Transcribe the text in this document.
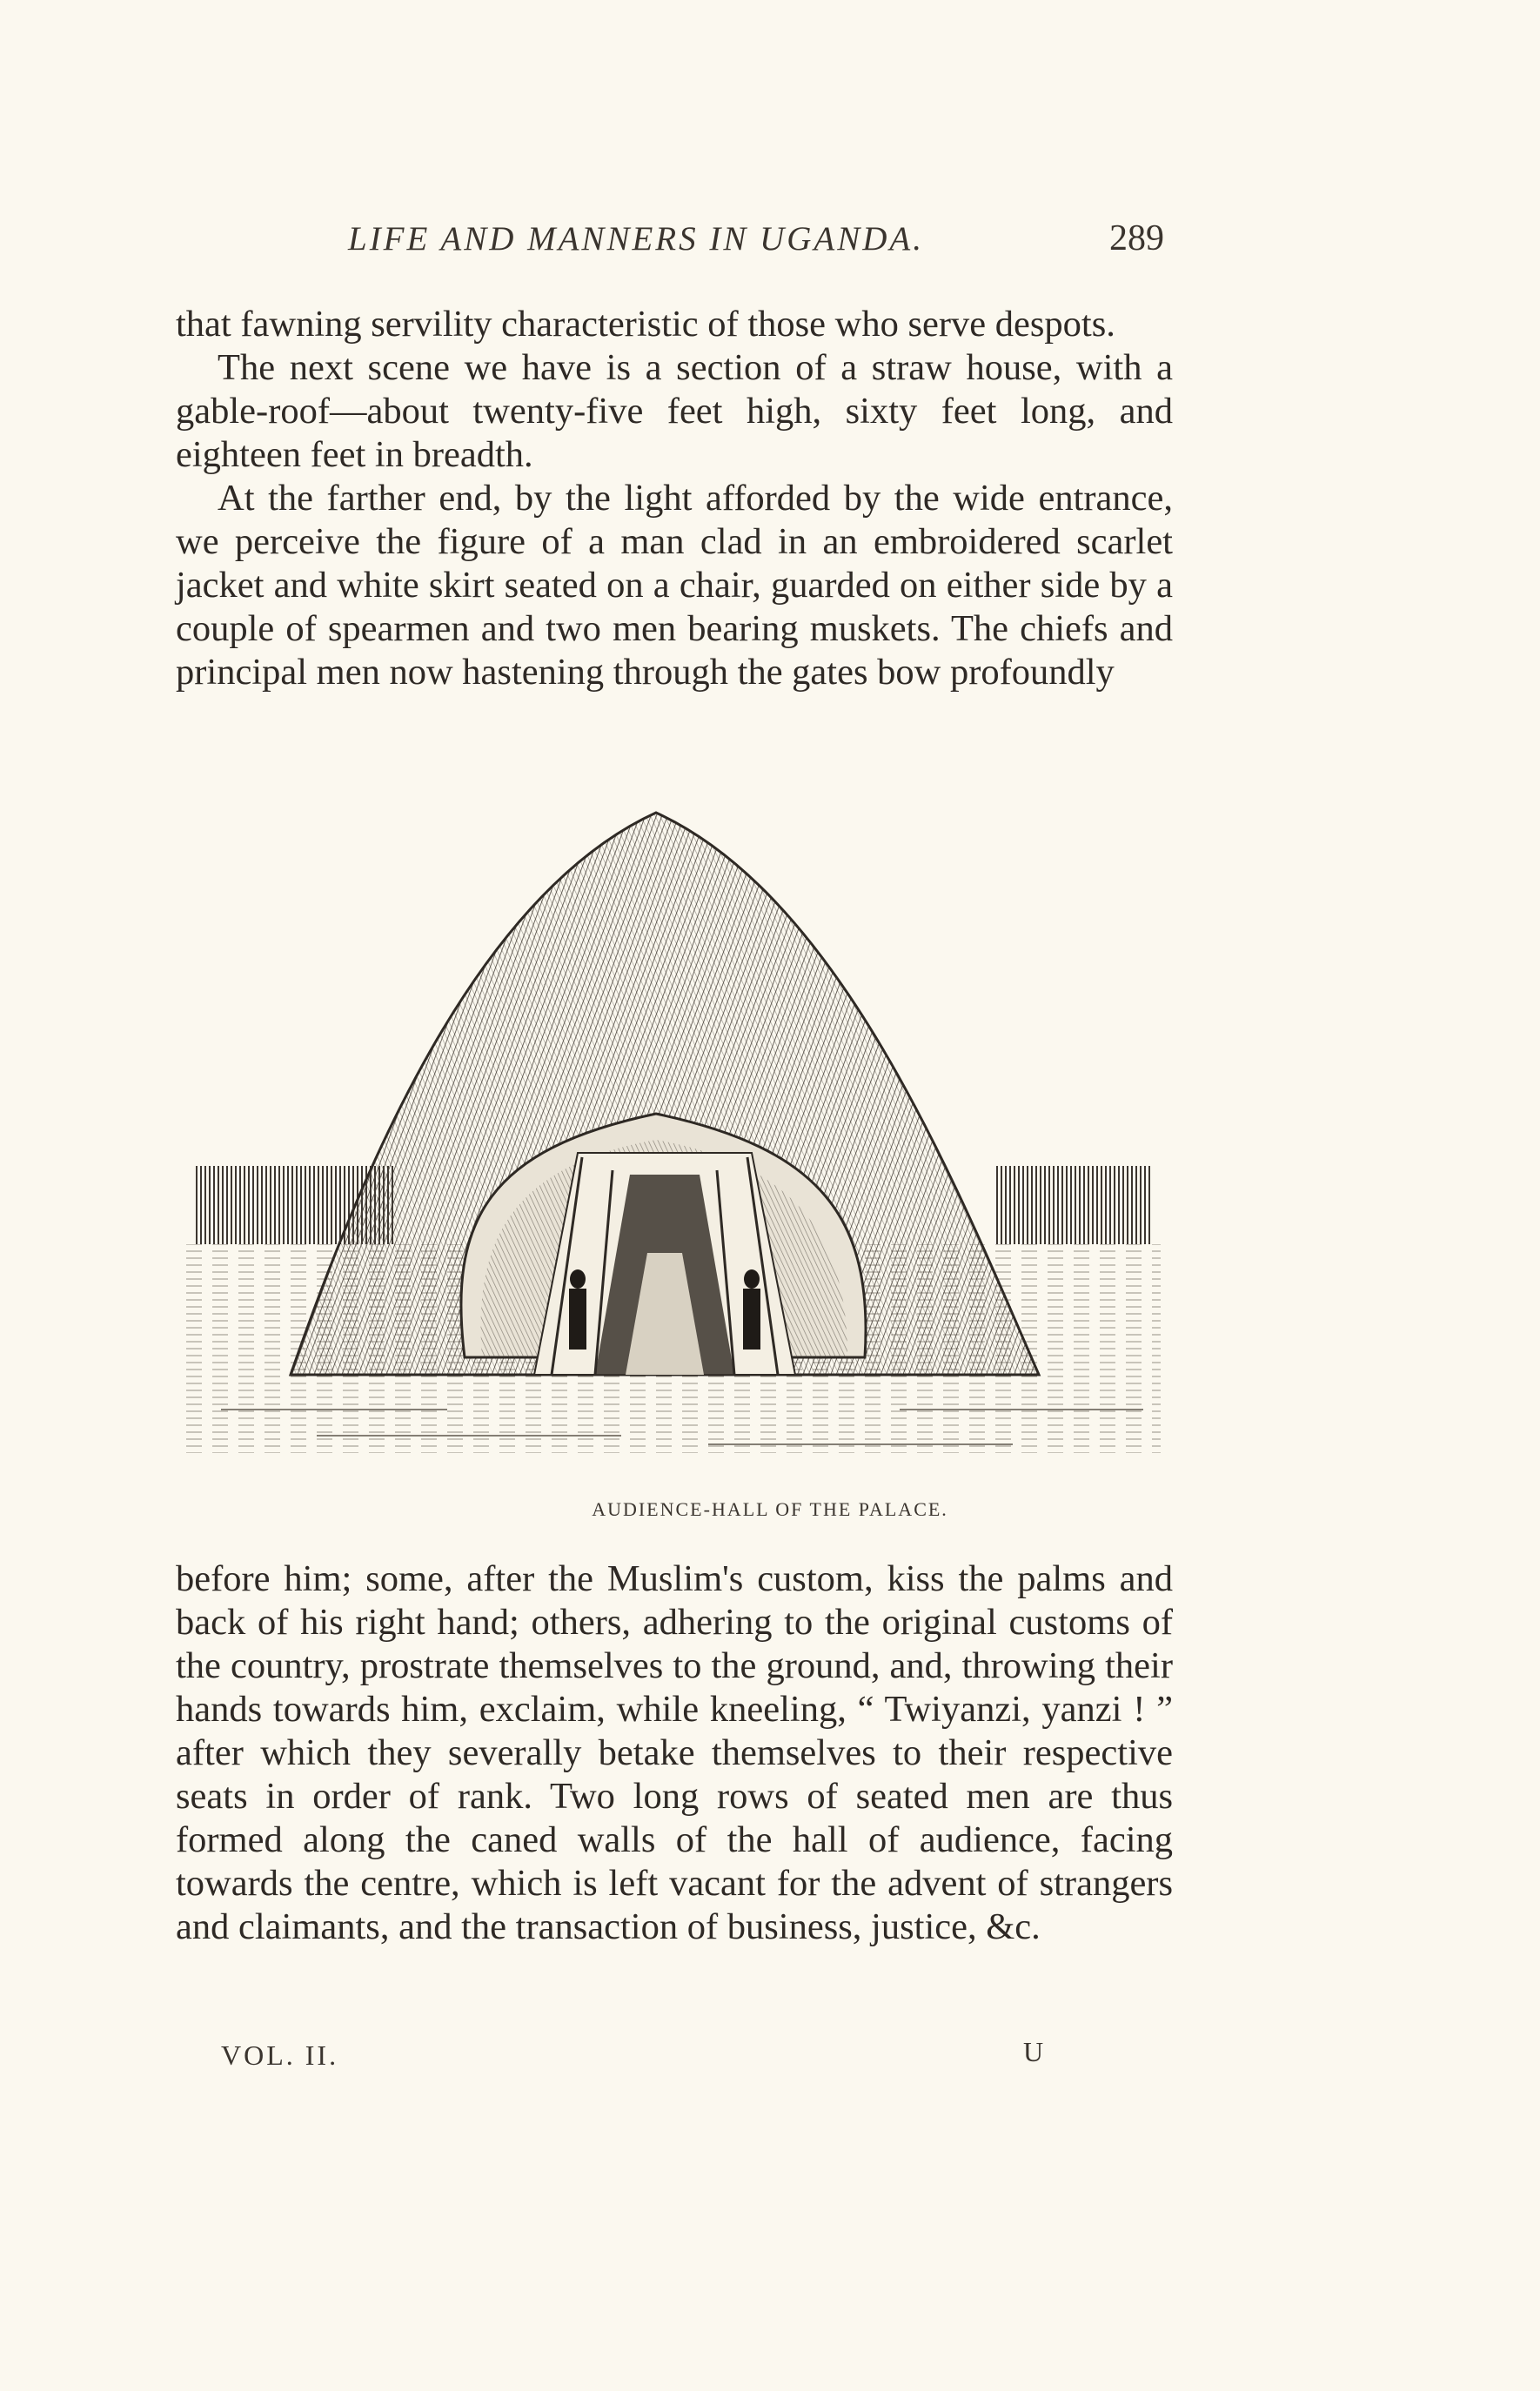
LIFE AND MANNERS IN UGANDA.	289

that fawning servility characteristic of those who serve despots.

The next scene we have is a section of a straw house, with a gable-roof—about twenty-five feet high, sixty feet long, and eighteen feet in breadth.

At the farther end, by the light afforded by the wide entrance, we perceive the figure of a man clad in an embroidered scarlet jacket and white skirt seated on a chair, guarded on either side by a couple of spearmen and two men bearing muskets. The chiefs and principal men now hastening through the gates bow profoundly

AUDIENCE-HALL OF THE PALACE.

before him; some, after the Muslim's custom, kiss the palms and back of his right hand; others, adhering to the original customs of the country, prostrate themselves to the ground, and, throwing their hands towards him, exclaim, while kneeling, “ Twiyanzi, yanzi ! ” after which they severally betake themselves to their respective seats in order of rank. Two long rows of seated men are thus formed along the caned walls of the hall of audience, facing towards the centre, which is left vacant for the advent of strangers and claimants, and the transaction of business, justice, &c.

VOL. II.	U
